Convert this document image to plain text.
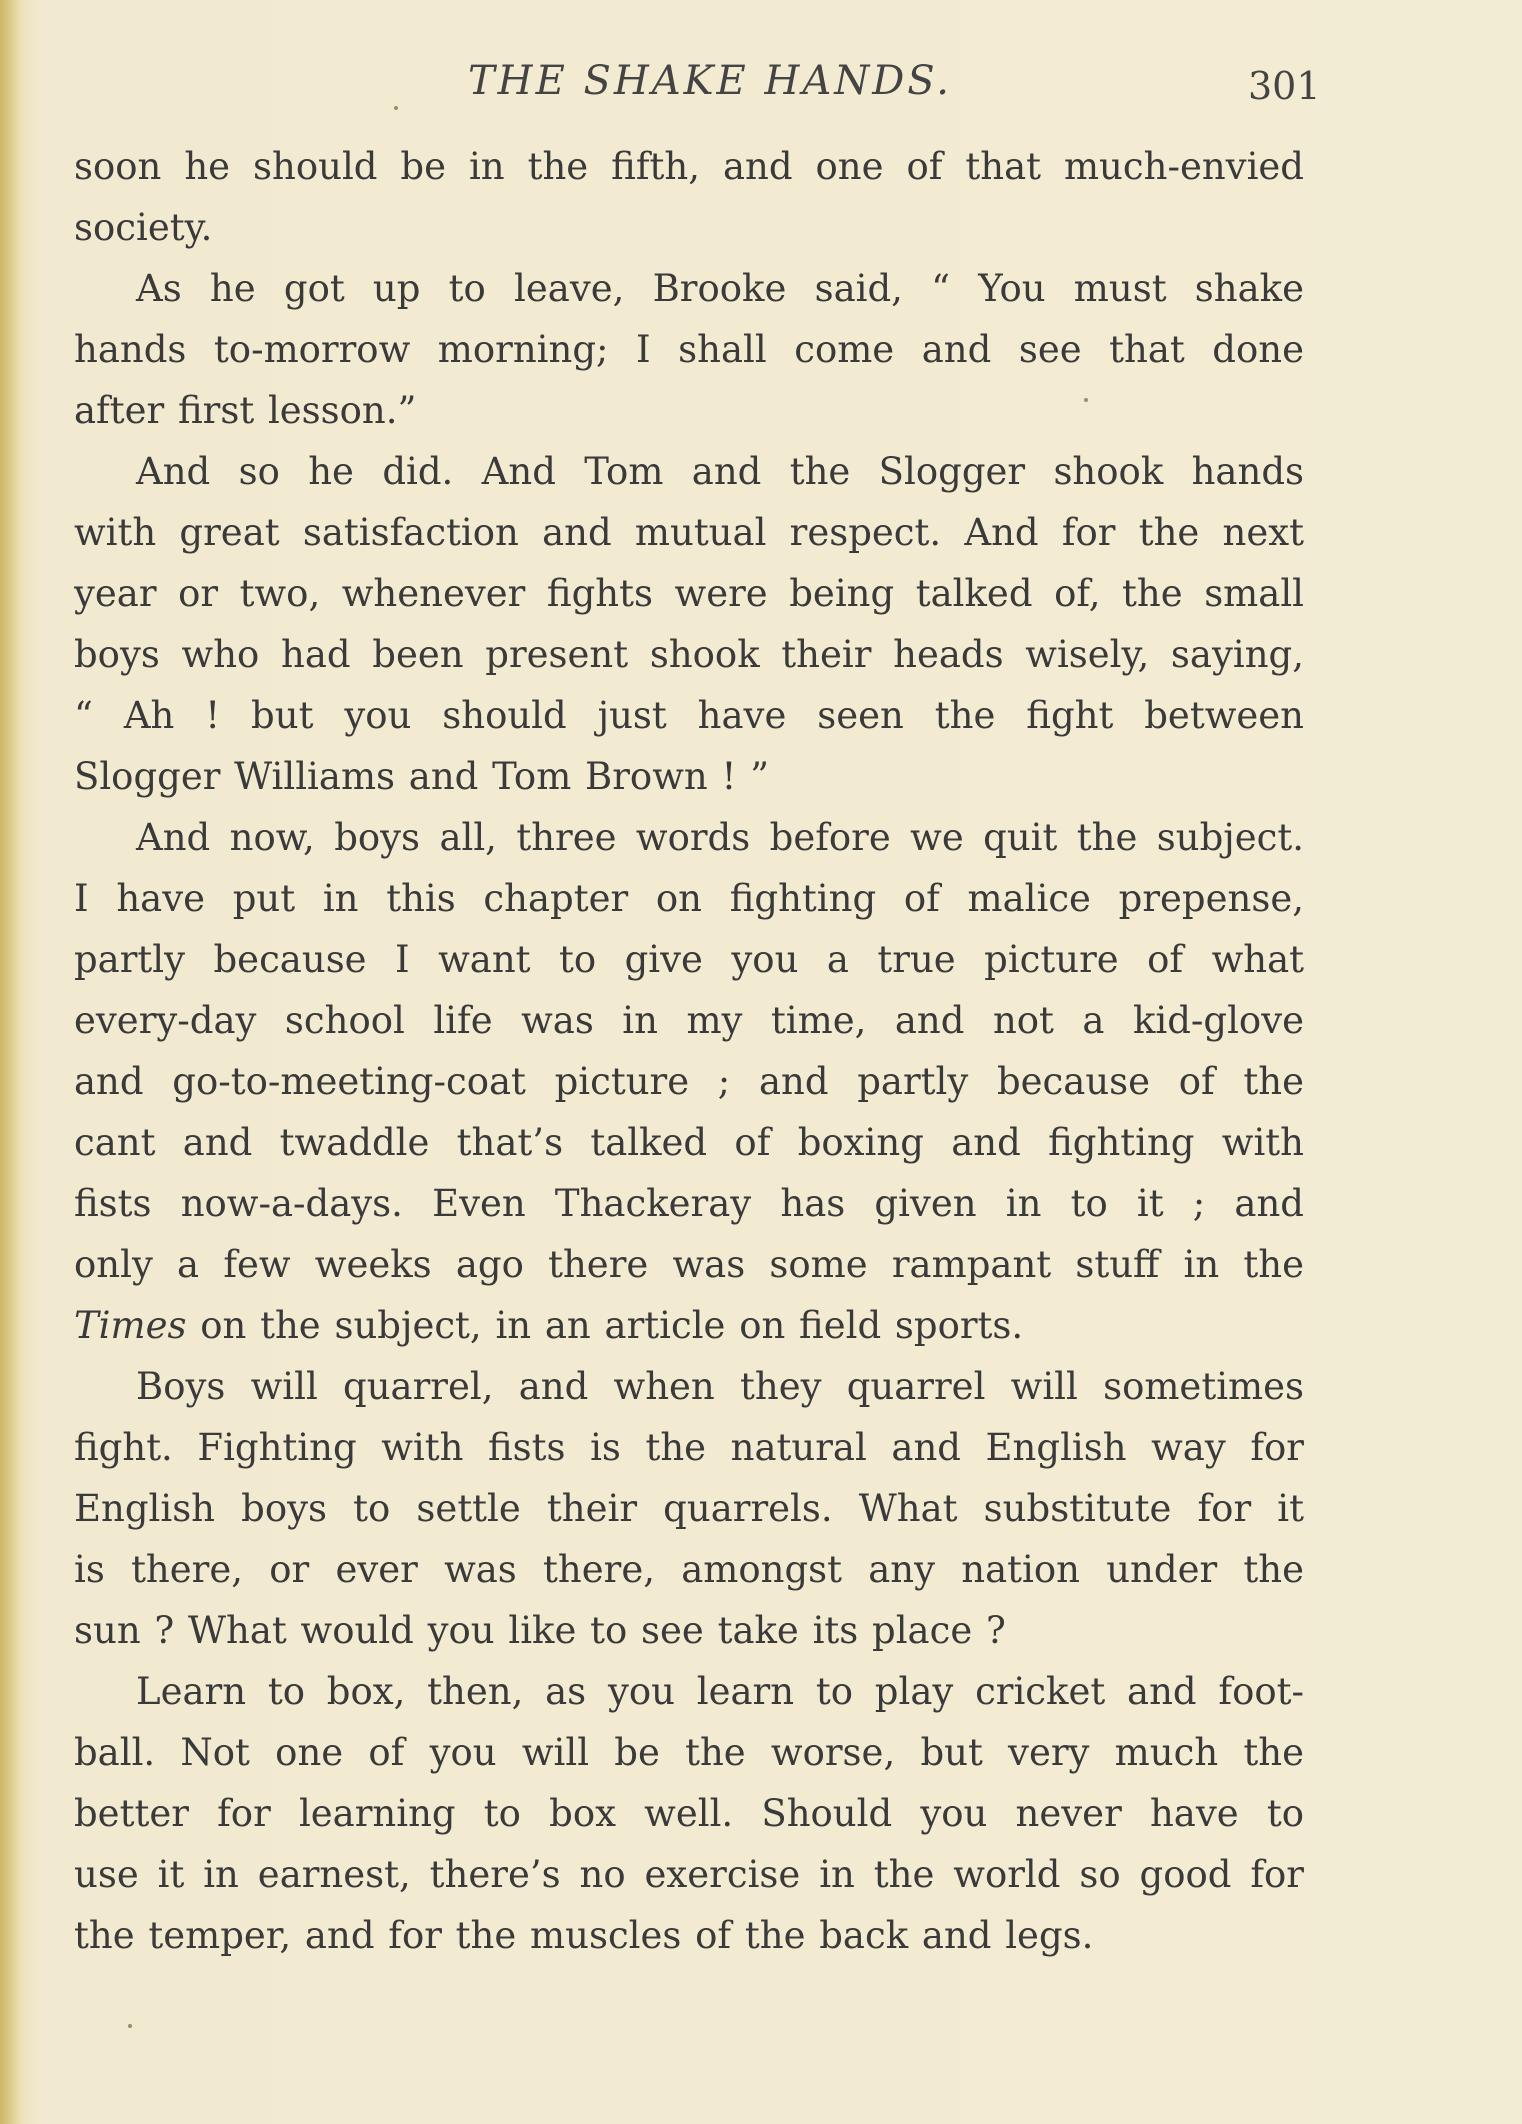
THE SHAKE HANDS.	301
soon he should be in the fifth, and one of that much-envied
society.
As he got up to leave, Brooke said, “ You must shake
hands to-morrow morning; I shall come and see that done
after first lesson.”
And so he did. And Tom and the Slogger shook hands
with great satisfaction and mutual respect. And for the next
year or two, whenever fights were being talked of, the small
boys who had been present shook their heads wisely, saying,
“ Ah ! but you should just have seen the fight between
Slogger Williams and Tom Brown ! ”
And now, boys all, three words before we quit the subject.
I have put in this chapter on fighting of malice prepense,
partly because I want to give you a true picture of what
every-day school life was in my time, and not a kid-glove
and go-to-meeting-coat picture ; and partly because of the
cant and twaddle that’s talked of boxing and fighting with
fists now-a-days. Even Thackeray has given in to it ; and
only a few weeks ago there was some rampant stuff in the
Times on the subject, in an article on field sports.
Boys will quarrel, and when they quarrel will sometimes
fight. Fighting with fists is the natural and English way for
English boys to settle their quarrels. What substitute for it
is there, or ever was there, amongst any nation under the
sun ? What would you like to see take its place ?
Learn to box, then, as you learn to play cricket and foot-
ball. Not one of you will be the worse, but very much the
better for learning to box well. Should you never have to
use it in earnest, there’s no exercise in the world so good for
the temper, and for the muscles of the back and legs.
